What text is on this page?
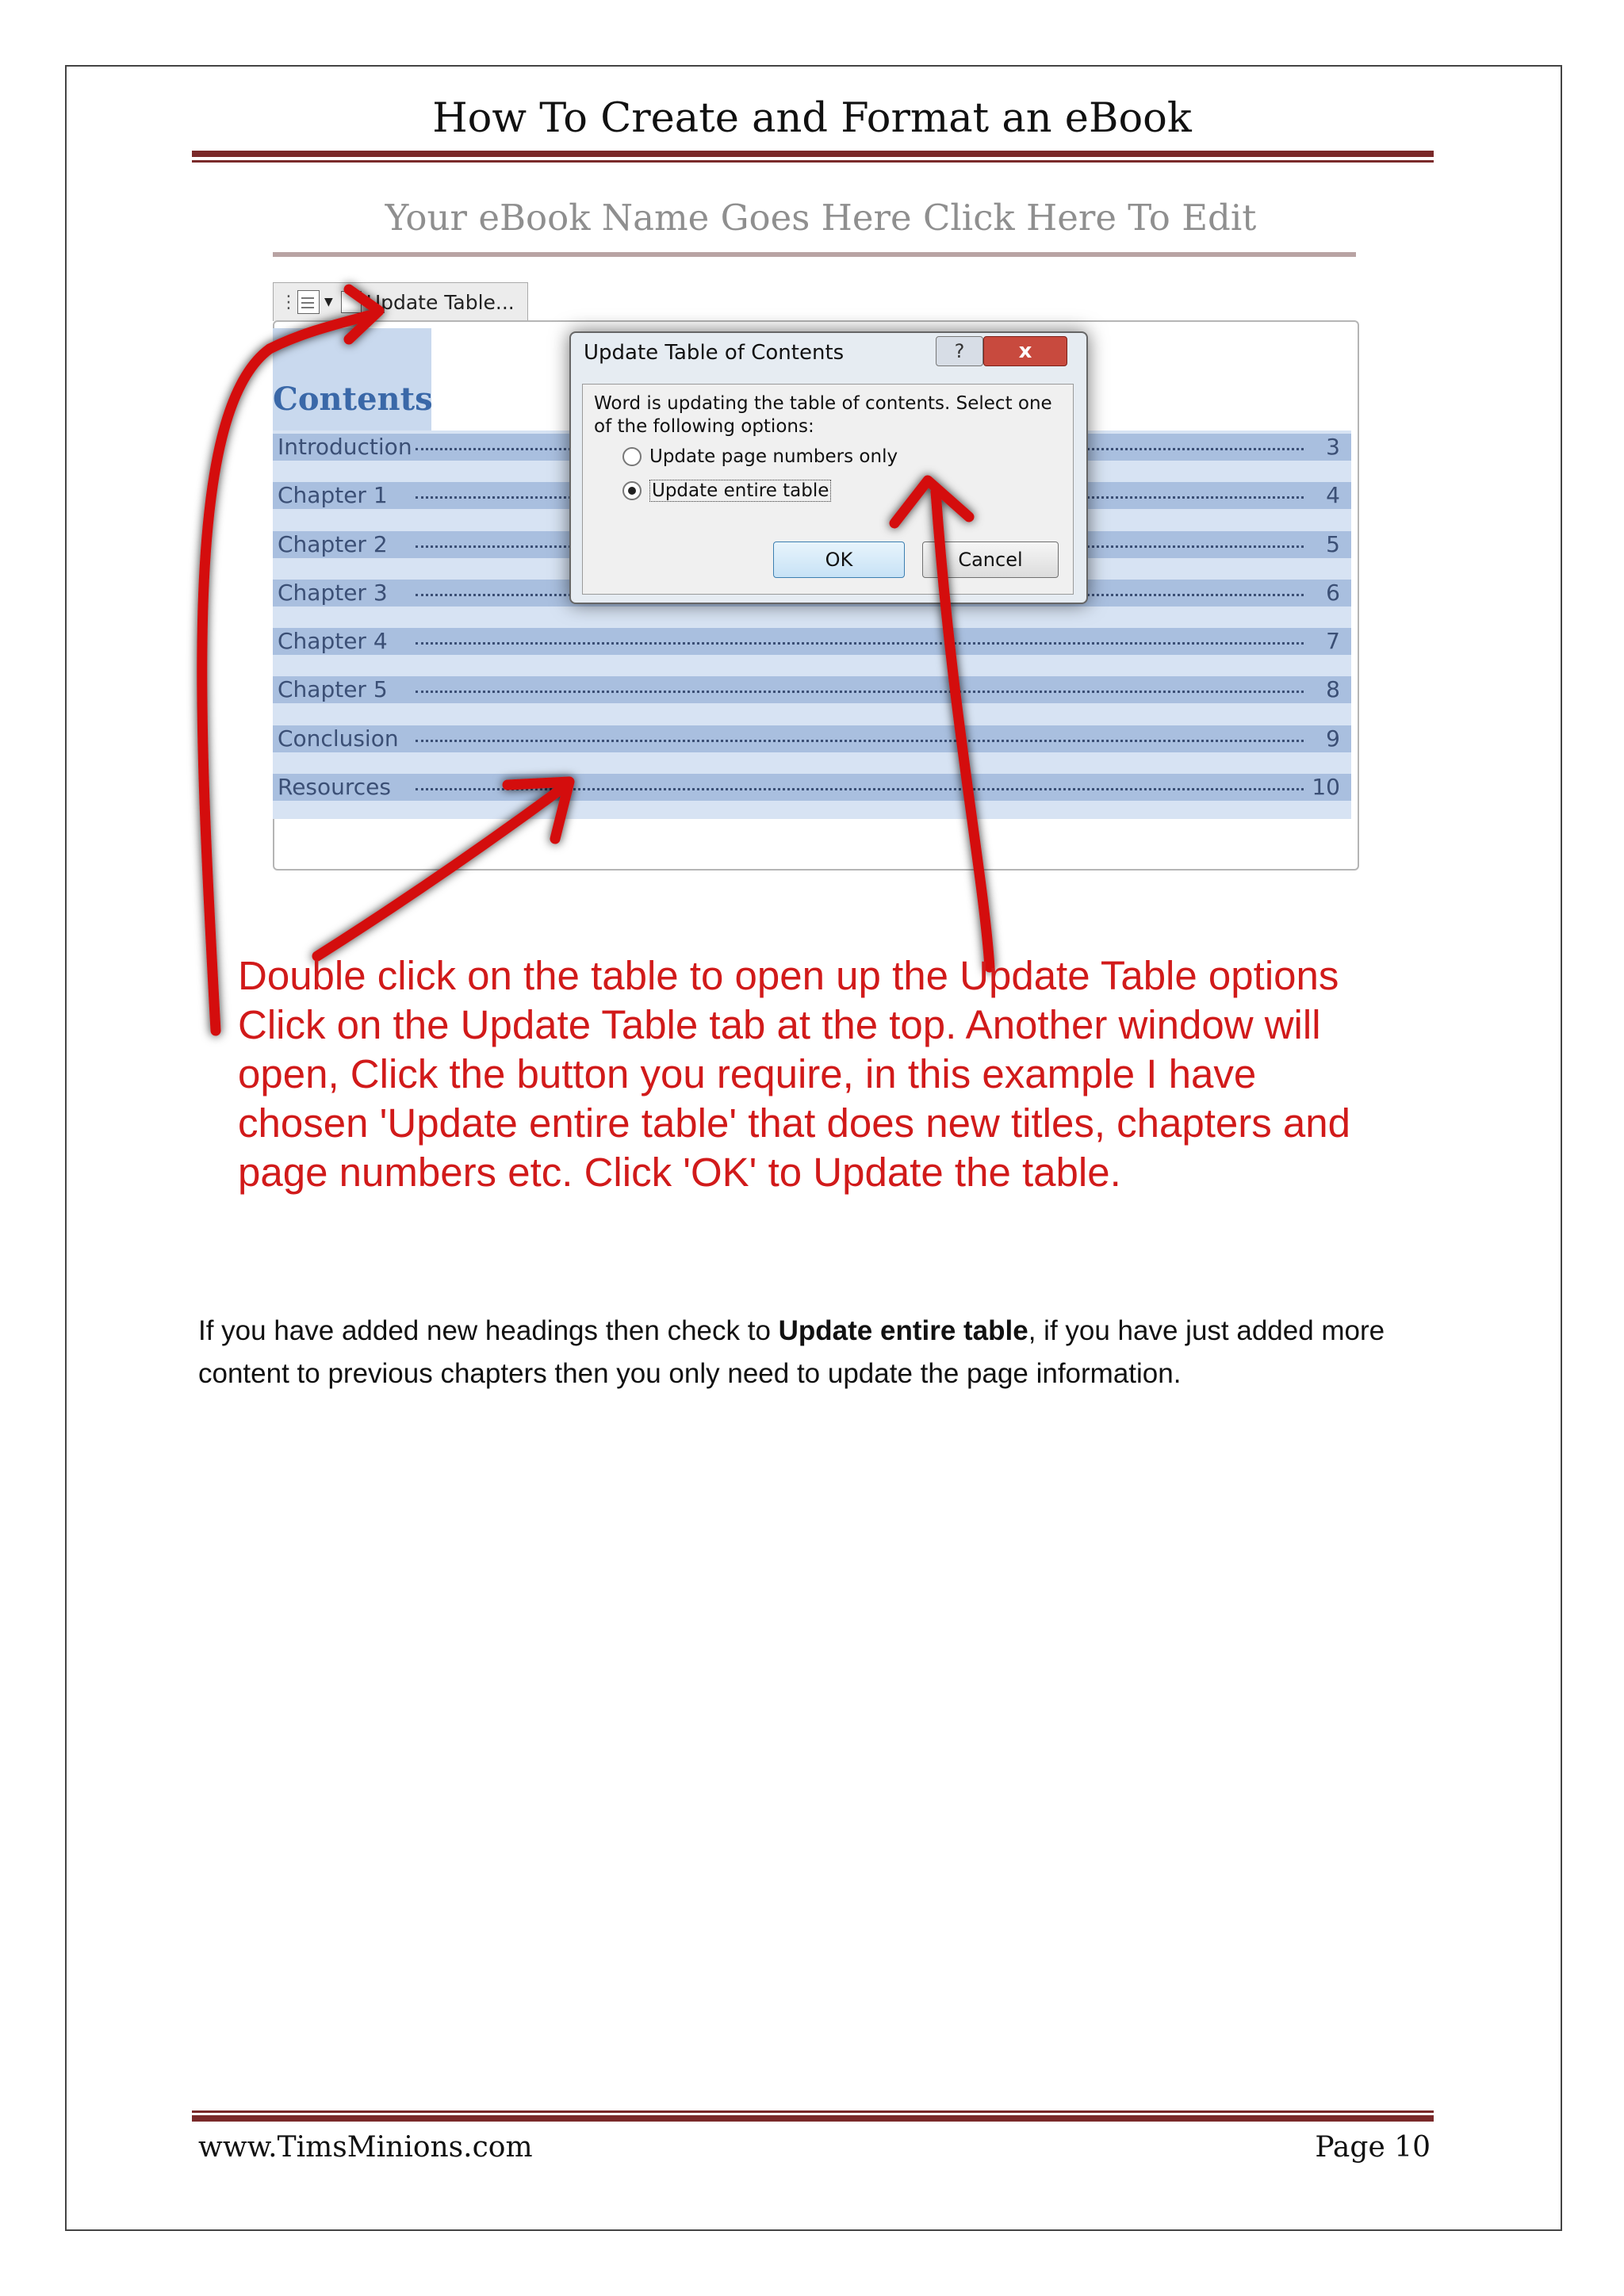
How To Create and Format an eBook
Your eBook Name Goes Here Click Here To Edit
⋮ ▼ Update Table...
Contents
Introduction	3
Chapter 1	4
Chapter 2	5
Chapter 3	6
Chapter 4	7
Chapter 5	8
Conclusion	9
Resources	10
Update Table of Contents	?	x
Word is updating the table of contents. Select one of the following options:
Update page numbers only
Update entire table
OK	Cancel

Double click on the table to open up the Update Table options

Click on the Update Table tab at the top. Another window will

open, Click the button you require, in this example I have

chosen 'Update entire table' that does new titles, chapters and

page numbers etc. Click 'OK' to Update the table.

If you have added new headings then check to Update entire table, if you have just added more

content to previous chapters then you only need to update the page information.

www.TimsMinions.com	Page 10
